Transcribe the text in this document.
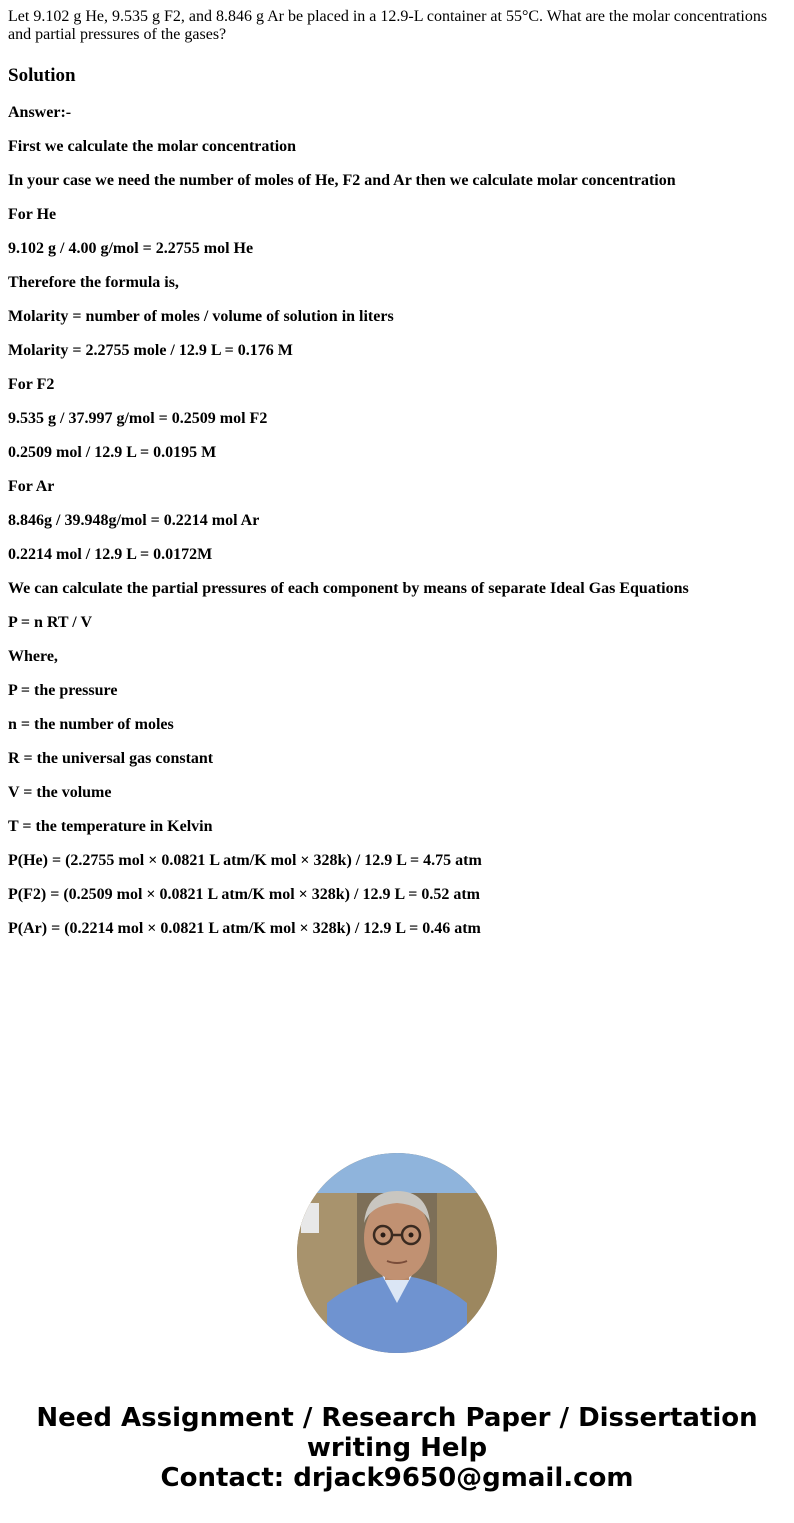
Let 9.102 g He, 9.535 g F2, and 8.846 g Ar be placed in a 12.9-L container at 55°C. What are the molar concentrations and partial pressures of the gases?

Solution

Answer:-

First we calculate the molar concentration

In your case we need the number of moles of He, F2 and Ar then we calculate molar concentration

For He

9.102 g / 4.00 g/mol = 2.2755 mol He

Therefore the formula is,

Molarity = number of moles / volume of solution in liters

Molarity = 2.2755 mole / 12.9 L = 0.176 M

For F2

9.535 g / 37.997 g/mol = 0.2509 mol F2

0.2509 mol / 12.9 L = 0.0195 M

For Ar

8.846g / 39.948g/mol = 0.2214 mol Ar

0.2214 mol / 12.9 L = 0.0172M

We can calculate the partial pressures of each component by means of separate Ideal Gas Equations

P = n RT / V

Where,

P = the pressure

n = the number of moles

R = the universal gas constant

V = the volume

T = the temperature in Kelvin

P(He) = (2.2755 mol × 0.0821 L atm/K mol × 328k) / 12.9 L = 4.75 atm

P(F2) = (0.2509 mol × 0.0821 L atm/K mol × 328k) / 12.9 L = 0.52 atm

P(Ar) = (0.2214 mol × 0.0821 L atm/K mol × 328k) / 12.9 L = 0.46 atm

Need Assignment / Research Paper / Dissertation
writing Help
Contact: drjack9650@gmail.com
